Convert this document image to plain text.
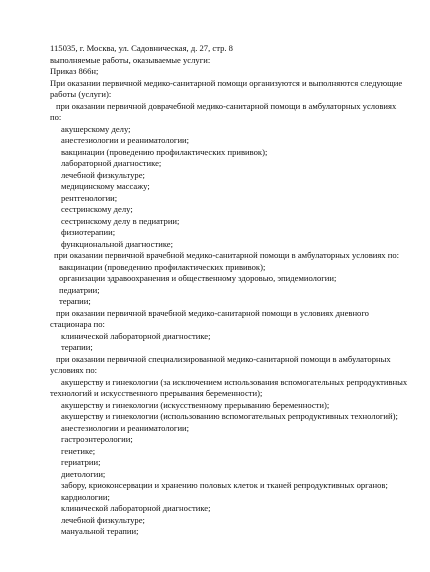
115035, г. Москва, ул. Садовническая, д. 27, стр. 8
выполняемые работы, оказываемые услуги:
Приказ 866н;
При оказании первичной медико-санитарной помощи организуются и выполняются следующие
работы (услуги):
при оказании первичной доврачебной медико-санитарной помощи в амбулаторных условиях
по:
акушерскому делу;
анестезиологии и реаниматологии;
вакцинации (проведению профилактических прививок);
лабораторной диагностике;
лечебной физкультуре;
медицинскому массажу;
рентгенологии;
сестринскому делу;
сестринскому делу в педиатрии;
физиотерапии;
функциональной диагностике;
при оказании первичной врачебной медико-санитарной помощи в амбулаторных условиях по:
вакцинации (проведению профилактических прививок);
организации здравоохранения и общественному здоровью, эпидемиологии;
педиатрии;
терапии;
при оказании первичной врачебной медико-санитарной помощи в условиях дневного
стационара по:
клинической лабораторной диагностике;
терапии;
при оказании первичной специализированной медико-санитарной помощи в амбулаторных
условиях по:
акушерству и гинекологии (за исключением использования вспомогательных репродуктивных
технологий и искусственного прерывания беременности);
акушерству и гинекологии (искусственному прерыванию беременности);
акушерству и гинекологии (использованию вспомогательных репродуктивных технологий);
анестезиологии и реаниматологии;
гастроэнтерологии;
генетике;
гериатрии;
диетологии;
забору, криоконсервации и хранению половых клеток и тканей репродуктивных органов;
кардиологии;
клинической лабораторной диагностике;
лечебной физкультуре;
мануальной терапии;
